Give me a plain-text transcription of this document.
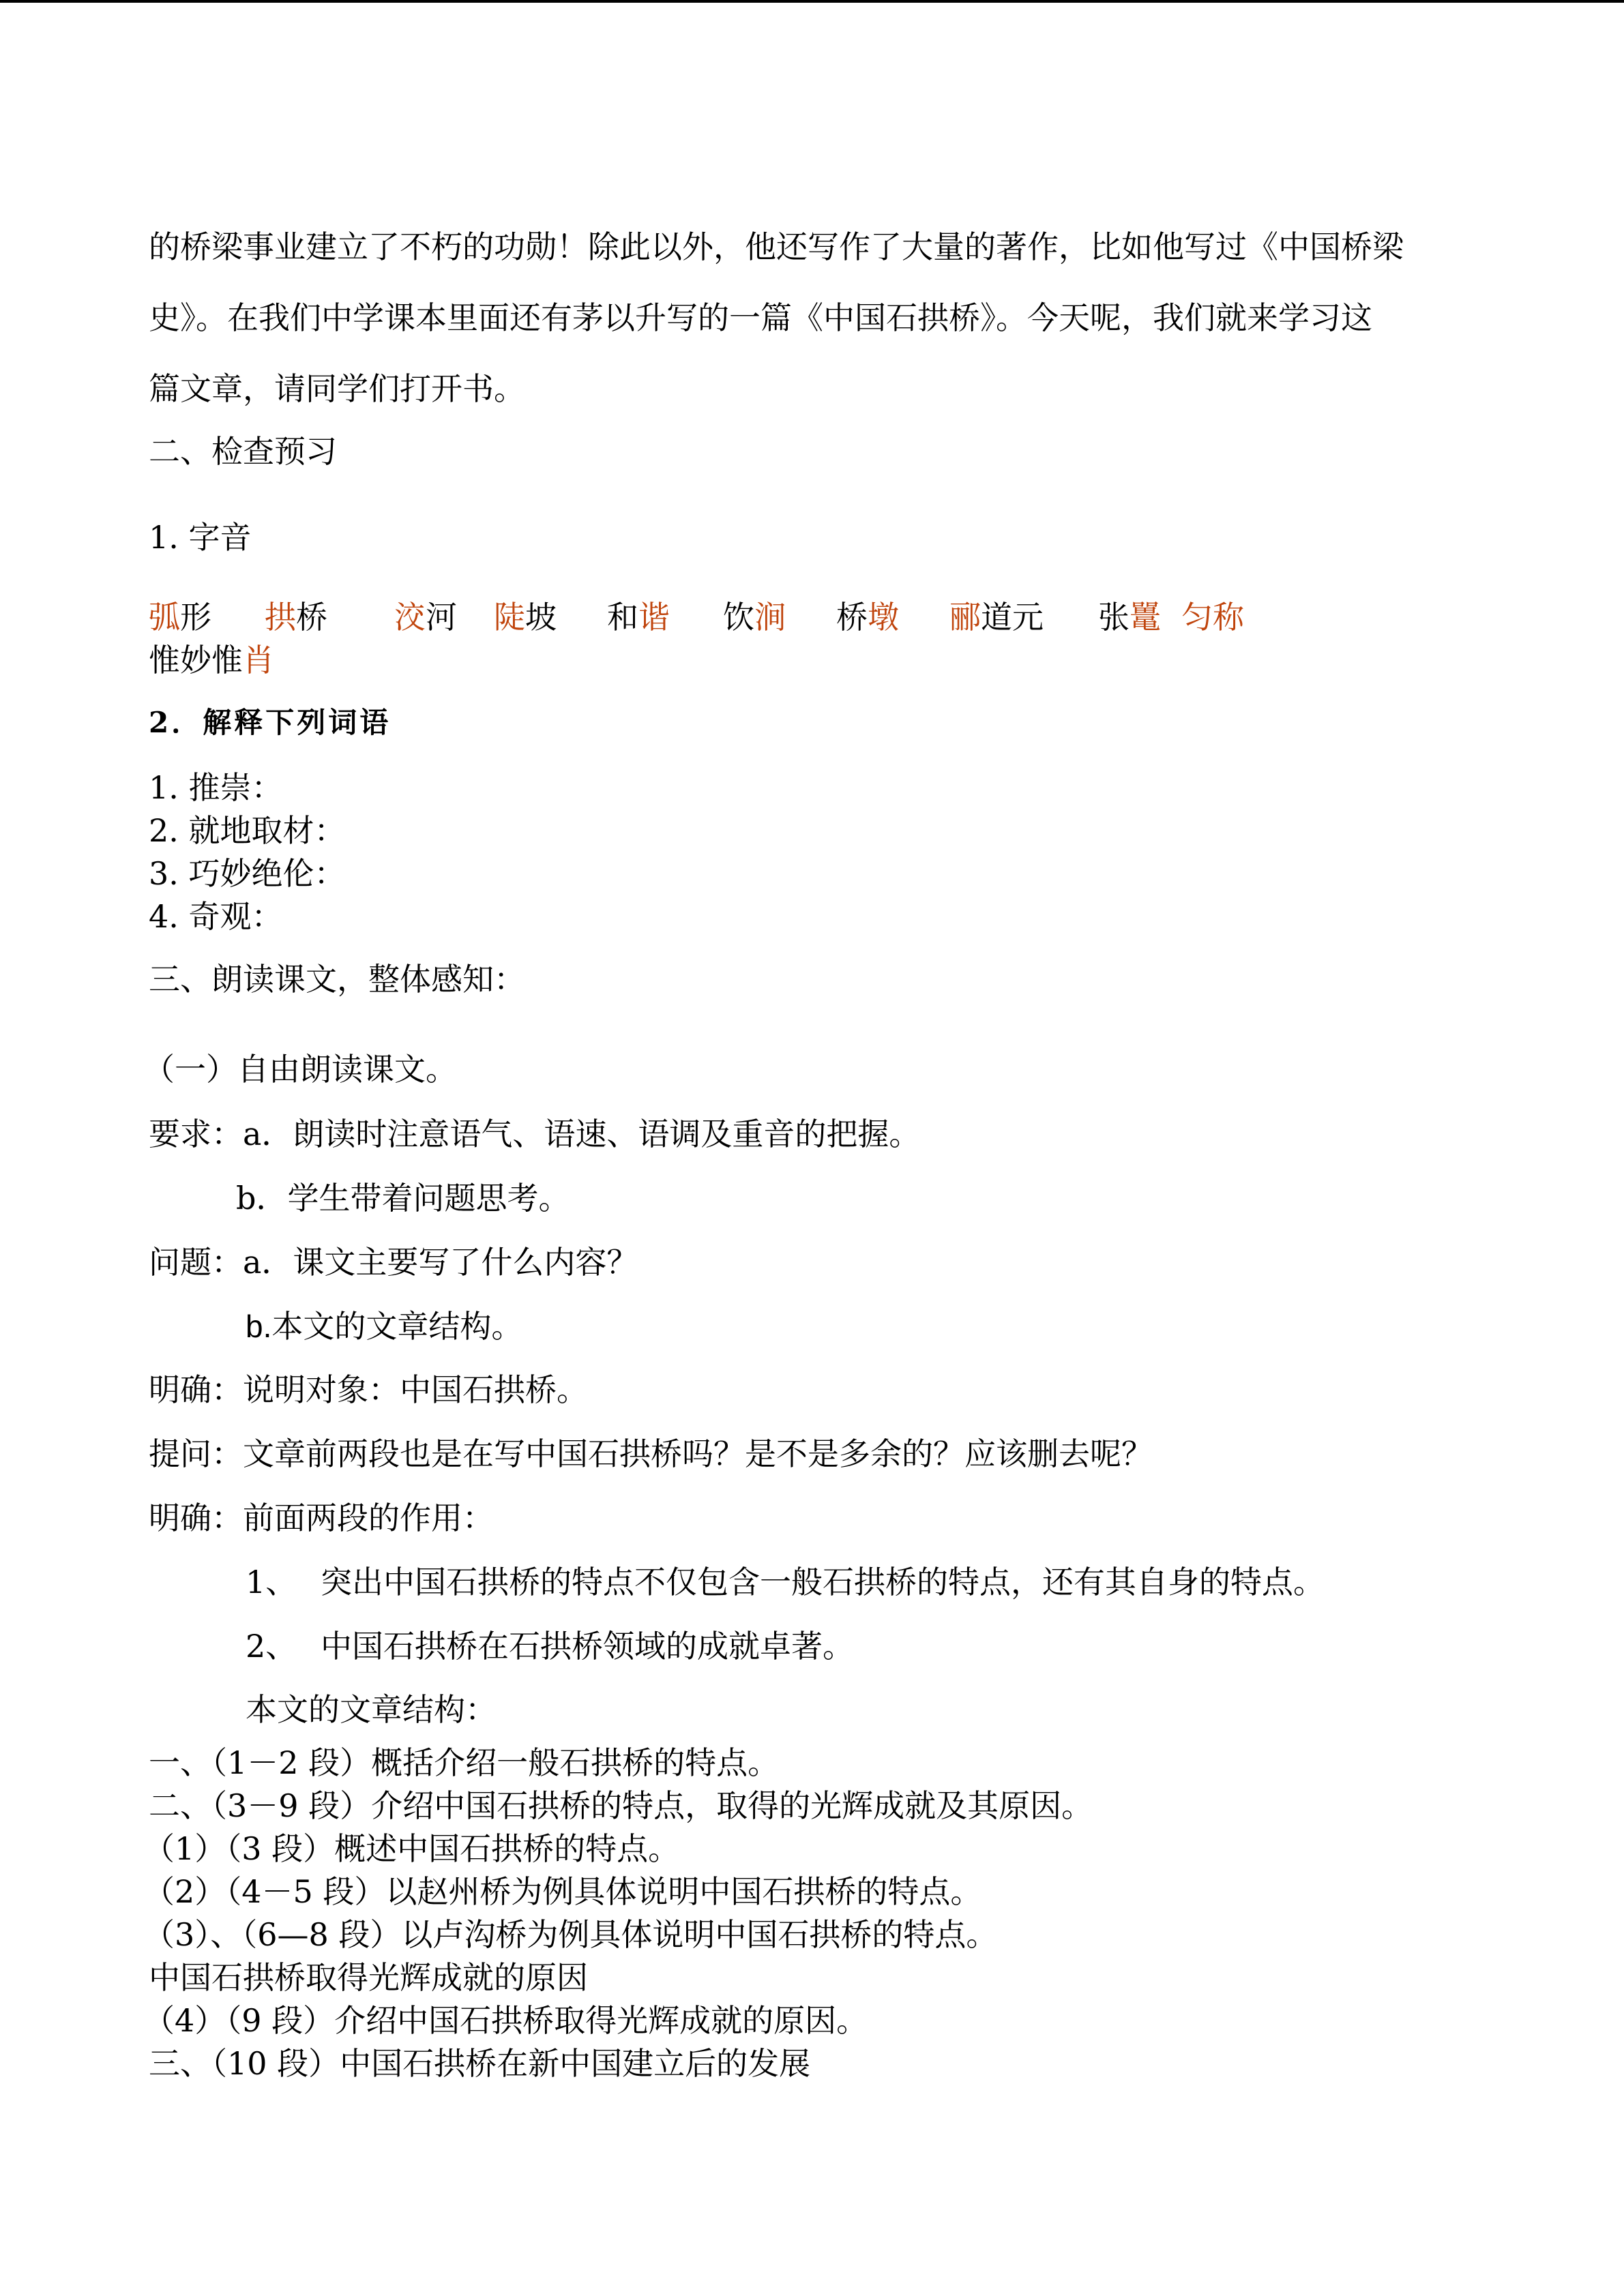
的桥梁事业建立了不朽的功勋！除此以外，他还写作了大量的著作，比如他写过《中国桥梁
史》。在我们中学课本里面还有茅以升写的一篇《中国石拱桥》。今天呢，我们就来学习这
篇文章，请同学们打开书。
二、检查预习
1. 字音
弧形 拱桥 洨河 陡坡 和谐 饮涧 桥墩 郦道元 张鼍 匀称
惟妙惟肖
2．解释下列词语
1. 推崇：
2. 就地取材：
3. 巧妙绝伦：
4. 奇观：
三、朗读课文，整体感知：
（一）自由朗读课文。
要求：a．朗读时注意语气、语速、语调及重音的把握。
b．学生带着问题思考。
问题：a．课文主要写了什么内容？
b.本文的文章结构。
明确：说明对象：中国石拱桥。
提问：文章前两段也是在写中国石拱桥吗？是不是多余的？应该删去呢？
明确：前面两段的作用：
1、 突出中国石拱桥的特点不仅包含一般石拱桥的特点，还有其自身的特点。
2、 中国石拱桥在石拱桥领域的成就卓著。
本文的文章结构：
一、（1－2 段）概括介绍一般石拱桥的特点。
二、（3－9 段）介绍中国石拱桥的特点，取得的光辉成就及其原因。
（1）（3 段）概述中国石拱桥的特点。
（2）（4－5 段）以赵州桥为例具体说明中国石拱桥的特点。
（3）、（6—8 段）以卢沟桥为例具体说明中国石拱桥的特点。
中国石拱桥取得光辉成就的原因
（4）（9 段）介绍中国石拱桥取得光辉成就的原因。
三、（10 段）中国石拱桥在新中国建立后的发展
